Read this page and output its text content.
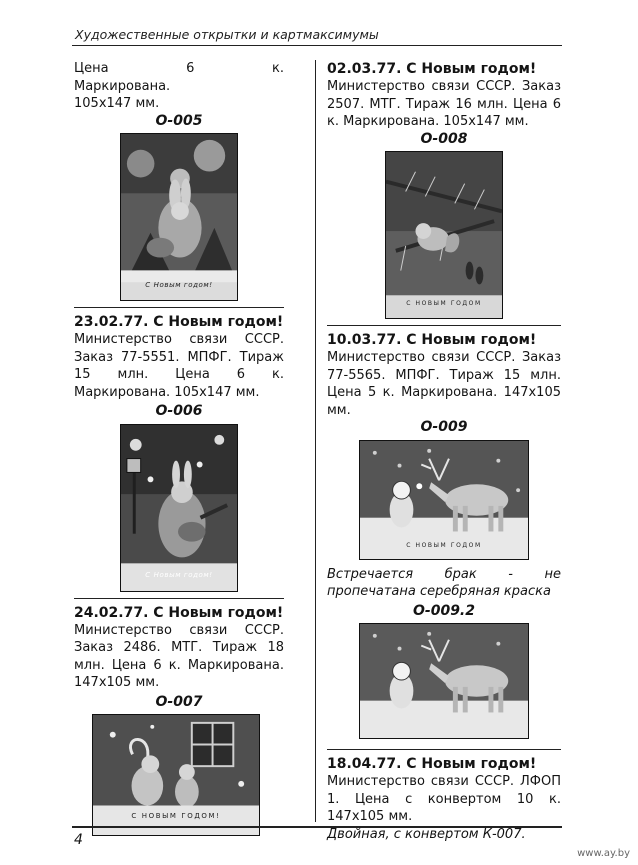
Художественные открытки и картмаксимумы

Цена 6 к. Маркирована.

105x147 мм.

О-005

С Новым годом!

23.02.77. С Новым годом!

Министерство связи СССР. Заказ 77-5551. МПФГ. Тираж 15 млн. Цена 6 к. Маркирована. 105x147 мм.

О-006

С Новым годом!

24.02.77. С Новым годом!

Министерство связи СССР. Заказ 2486. МТГ. Тираж 18 млн. Цена 6 к. Маркирована. 147x105 мм.

О-007

С НОВЫМ ГОДОМ!

02.03.77. С Новым годом!

Министерство связи СССР. Заказ 2507. МТГ. Тираж 16 млн. Цена 6 к. Маркирована. 105x147 мм.

О-008

С НОВЫМ ГОДОМ

10.03.77. С Новым годом!

Министерство связи СССР. Заказ 77-5565. МПФГ. Тираж 15 млн. Цена 5 к. Маркирована. 147x105 мм.

О-009

С НОВЫМ ГОДОМ

Встречается брак - не пропечатана серебряная краска

О-009.2

18.04.77. С Новым годом!

Министерство связи СССР. ЛФОП 1. Цена с конвертом 10 к. 147x105 мм.

Двойная, с конвертом К-007.

4
www.ay.by
